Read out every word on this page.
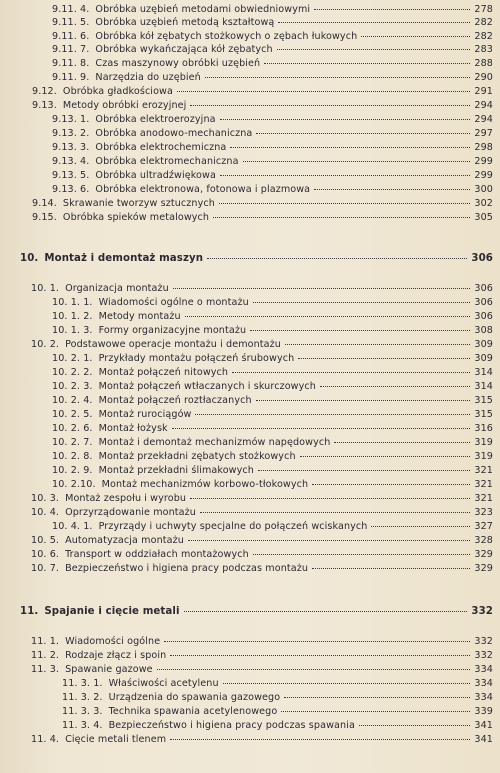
9.11. 4. Obróbka uzębień metodami obwiedniowymi	278
9.11. 5. Obróbka uzębień metodą kształtową	282
9.11. 6. Obróbka kół zębatych stożkowych o zębach łukowych	282
9.11. 7. Obróbka wykańczająca kół zębatych	283
9.11. 8. Czas maszynowy obróbki uzębień	288
9.11. 9. Narzędzia do uzębień	290
9.12. Obróbka gładkościowa	291
9.13. Metody obróbki erozyjnej	294
9.13. 1. Obróbka elektroerozyjna	294
9.13. 2. Obróbka anodowo-mechaniczna	297
9.13. 3. Obróbka elektrochemiczna	298
9.13. 4. Obróbka elektromechaniczna	299
9.13. 5. Obróbka ultradźwiękowa	299
9.13. 6. Obróbka elektronowa, fotonowa i plazmowa	300
9.14. Skrawanie tworzyw sztucznych	302
9.15. Obróbka spieków metalowych	305
10. Montaż i demontaż maszyn	306
10. 1. Organizacja montażu	306
10. 1. 1. Wiadomości ogólne o montażu	306
10. 1. 2. Metody montażu	306
10. 1. 3. Formy organizacyjne montażu	308
10. 2. Podstawowe operacje montażu i demontażu	309
10. 2. 1. Przykłady montażu połączeń śrubowych	309
10. 2. 2. Montaż połączeń nitowych	314
10. 2. 3. Montaż połączeń wtłaczanych i skurczowych	314
10. 2. 4. Montaż połączeń roztłaczanych	315
10. 2. 5. Montaż rurociągów	315
10. 2. 6. Montaż łożysk	316
10. 2. 7. Montaż i demontaż mechanizmów napędowych	319
10. 2. 8. Montaż przekładni zębatych stożkowych	319
10. 2. 9. Montaż przekładni ślimakowych	321
10. 2.10. Montaż mechanizmów korbowo-tłokowych	321
10. 3. Montaż zespołu i wyrobu	321
10. 4. Oprzyrządowanie montażu	323
10. 4. 1. Przyrządy i uchwyty specjalne do połączeń wciskanych	327
10. 5. Automatyzacja montażu	328
10. 6. Transport w oddziałach montażowych	329
10. 7. Bezpieczeństwo i higiena pracy podczas montażu	329
11. Spajanie i cięcie metali	332
11. 1. Wiadomości ogólne	332
11. 2. Rodzaje złącz i spoin	332
11. 3. Spawanie gazowe	334
11. 3. 1. Właściwości acetylenu	334
11. 3. 2. Urządzenia do spawania gazowego	334
11. 3. 3. Technika spawania acetylenowego	339
11. 3. 4. Bezpieczeństwo i higiena pracy podczas spawania	341
11. 4. Cięcie metali tlenem	341
